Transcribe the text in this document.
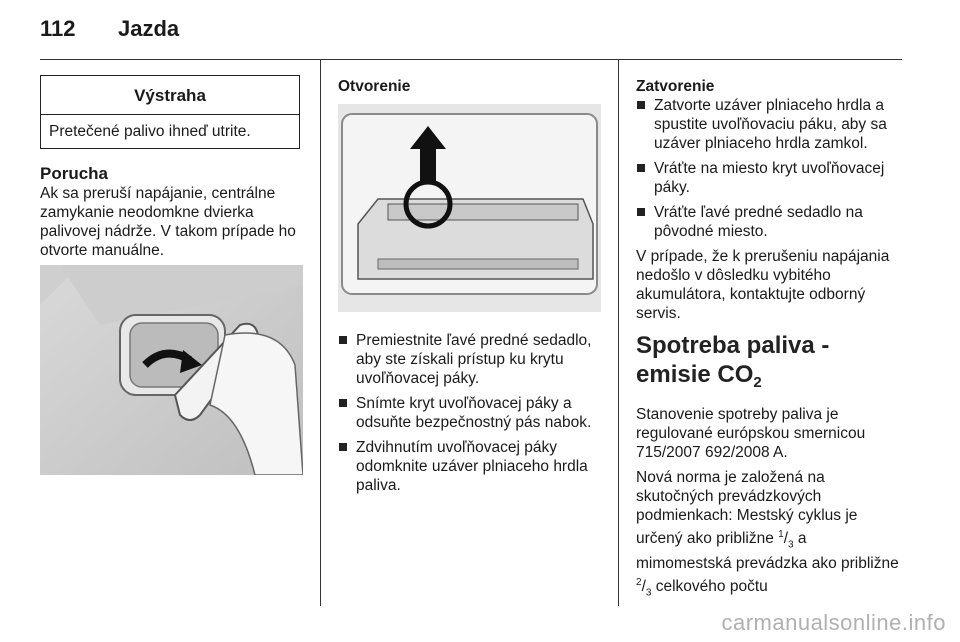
112 Jazda
Výstraha
Pretečené palivo ihneď utrite.
Porucha

Ak sa preruší napájanie, centrálne zamykanie neodomkne dvierka palivovej nádrže. V takom prípade ho otvorte manuálne.

Otvorenie
Premiestnite ľavé predné sedadlo, aby ste získali prístup ku krytu uvoľňovacej páky.
Snímte kryt uvoľňovacej páky a odsuňte bezpečnostný pás nabok.
Zdvihnutím uvoľňovacej páky odomknite uzáver plniaceho hrdla paliva.
Zatvorenie
Zatvorte uzáver plniaceho hrdla a spustite uvoľňovaciu páku, aby sa uzáver plniaceho hrdla zamkol.
Vráťte na miesto kryt uvoľňovacej páky.
Vráťte ľavé predné sedadlo na pôvodné miesto.

V prípade, že k prerušeniu napájania nedošlo v dôsledku vybitého akumulátora, kontaktujte odborný servis.

Spotreba paliva - emisie $CO_2$

Stanovenie spotreby paliva je regulované európskou smernicou 715/2007 692/2008 A.

Nová norma je založená na skutočných prevádzkových podmienkach: Mestský cyklus je určený ako približne $^1/_3$ a mimomestská prevádzka ako približne $^2/_3$ celkového počtu

carmanualsonline.info
